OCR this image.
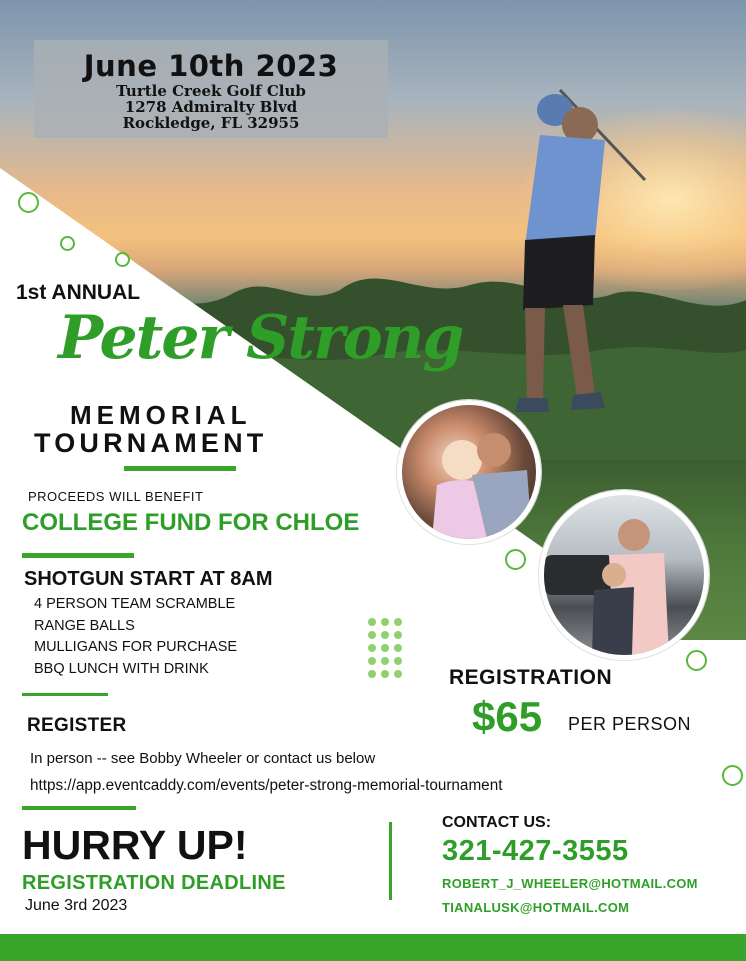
June 10th 2023
Turtle Creek Golf Club
1278 Admiralty Blvd
Rockledge, FL 32955
1st ANNUAL
Peter Strong
MEMORIAL
TOURNAMENT
PROCEEDS WILL BENEFIT
COLLEGE FUND FOR CHLOE
SHOTGUN START AT 8AM
4 PERSON TEAM SCRAMBLE
RANGE BALLS
MULLIGANS FOR PURCHASE
BBQ LUNCH WITH DRINK	REGISTRATION
$65 PER PERSON
REGISTER
In person -- see Bobby Wheeler or contact us below
https://app.eventcaddy.com/events/peter-strong-memorial-tournament
HURRY UP!
REGISTRATION DEADLINE
June 3rd 2023
CONTACT US:
321-427-3555
ROBERT_J_WHEELER@HOTMAIL.COM
TIANALUSK@HOTMAIL.COM
